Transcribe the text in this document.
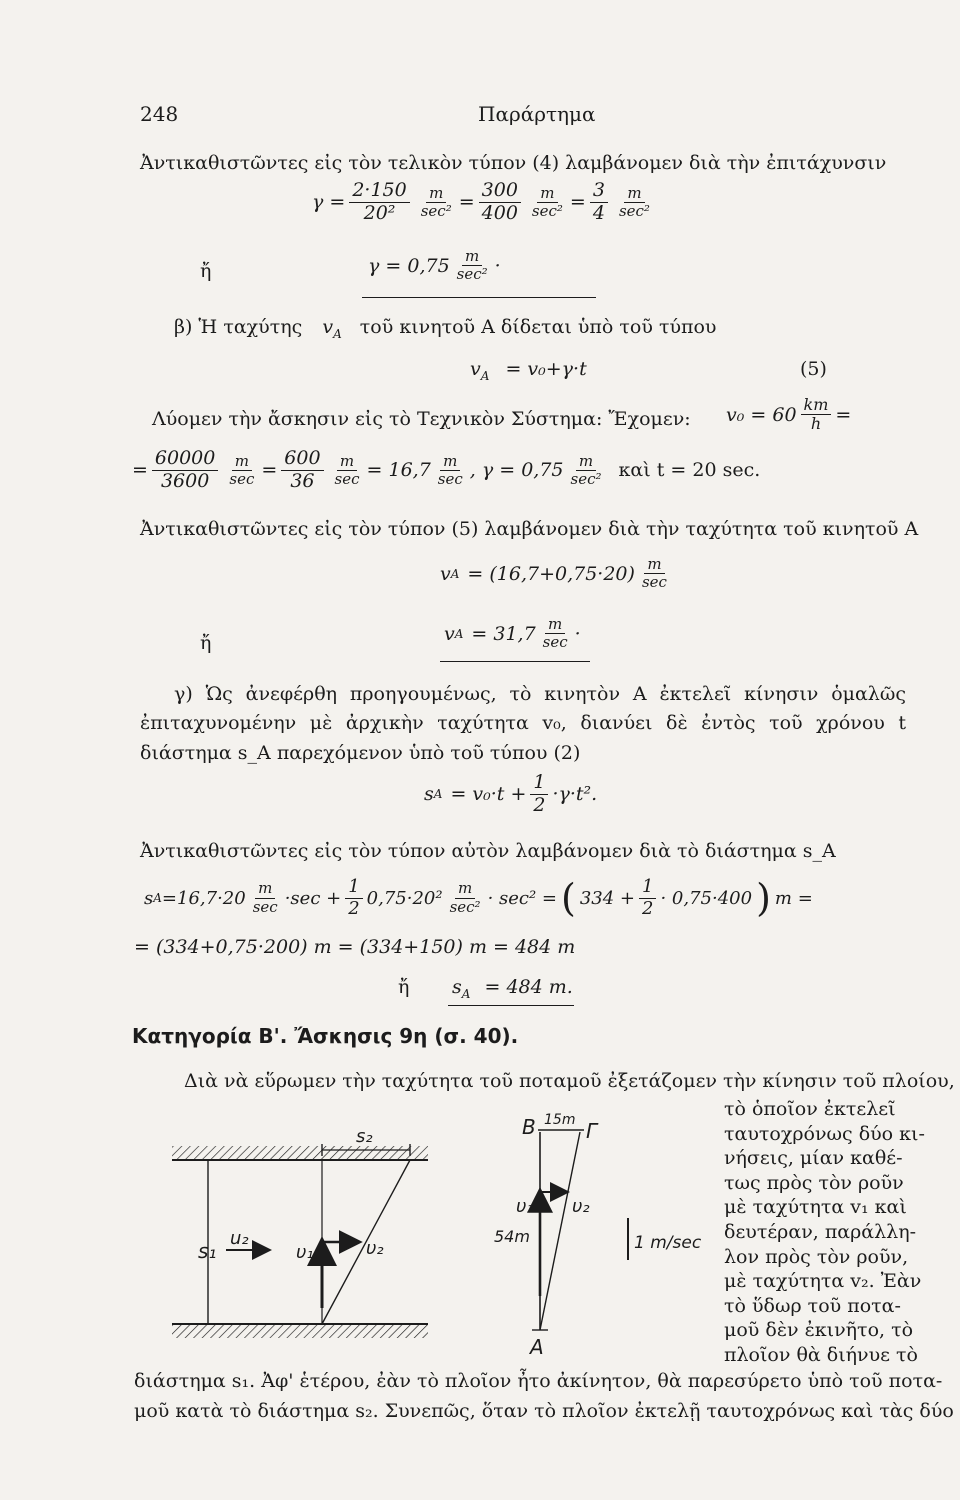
248	Παράρτημα
Ἀντικαθιστῶντες εἰς τὸν τελικὸν τύπον (4) λαμβάνομεν διὰ τὴν ἐπιτάχυνσιν
$\gamma = \frac{2\cdot 150}{\text{20²}} \frac{m}{\text{sec²}} = \frac{300}{400} \frac{m}{\text{sec²}} = \frac{3}{4} \frac{m}{\text{sec²}}$
ἤ	$\gamma = 0,75 \frac{m}{\text{sec²}}$ ·
β) Ἡ ταχύτης $v_A$ τοῦ κινητοῦ A δίδεται ὑπὸ τοῦ τύπου
$v_A = v_0+\gamma\cdot t$	(5)
Λύομεν τὴν ἄσκησιν εἰς τὸ Τεχνικὸν Σύστημα: Ἔχομεν: $v_0 = 60 \frac{km}{h}$ =
= $\frac{60000}{3600} \frac{m}{\sec} = \frac{600}{36} \frac{m}{\sec} = 16,7 \frac{m}{\sec}$ , $\gamma = 0,75 \frac{m}{\text{sec²}}$ καὶ t = 20 sec.
Ἀντικαθιστῶντες εἰς τὸν τύπον (5) λαμβάνομεν διὰ τὴν ταχύτητα τοῦ κινητοῦ A
v $A = (16,7+0,75\cdot 20) \frac{m}{\sec}$
ἤ	v $A = 31,7 \frac{m}{\sec}$ ·
γ) Ὡς ἀνεφέρθη προηγουμένως, τὸ κινητὸν A ἐκτελεῖ κίνησιν ὁμαλῶς ἐπιταχυνομένην μὲ ἀρχικὴν ταχύτητα v₀, διανύει δὲ ἐντὸς τοῦ χρόνου t διάστημα s_A παρεχόμενον ὑπὸ τοῦ τύπου (2)
s $A = v_0\cdot t + \frac{1}{2} \cdot\gamma\cdot t^2$.
Ἀντικαθιστῶντες εἰς τὸν τύπον αὐτὸν λαμβάνομεν διὰ τὸ διάστημα s_A
s $A =16,7\cdot 20 \frac{m}{\sec} \cdot\sec + \frac{1}{2} 0,75\cdot 20^2 \frac{m}{\text{sec²}} \cdot \sec^2$ = ( $334 + \frac{1}{2} \cdot 0,75\cdot 400$ ) m =
= (334+0,75·200) m = (334+150) m = 484 m
ἤ $s_A = 484$ m.
Κατηγορία Β'. Ἄσκησις 9η (σ. 40).
Διὰ νὰ εὕρωμεν τὴν ταχύτητα τοῦ ποταμοῦ ἐξετάζομεν τὴν κίνησιν τοῦ πλοίου,
τὸ ὁποῖον ἐκτελεῖ
ταυτοχρόνως δύο κι-
νήσεις, μίαν καθέ-
τως πρὸς τὸν ροῦν
μὲ ταχύτητα v₁ καὶ
δευτέραν, παράλλη-
λον πρὸς τὸν ροῦν,
μὲ ταχύτητα v₂. Ἐὰν
τὸ ὕδωρ τοῦ ποτα-
μοῦ δὲν ἐκινῆτο, τὸ
πλοῖον θὰ διήνυε τὸ
διάστημα s₁. Ἀφ' ἑτέρου, ἐὰν τὸ πλοῖον ἦτο ἀκίνητον, θὰ παρεσύρετο ὑπὸ τοῦ ποτα-
μοῦ κατὰ τὸ διάστημα s₂. Συνεπῶς, ὅταν τὸ πλοῖον ἐκτελῇ ταυτοχρόνως καὶ τὰς δύο
s₂
s₁
u₂
υ₁	υ₂
B 15m Γ
A
54m
υ₁ υ₂
1 m/sec
